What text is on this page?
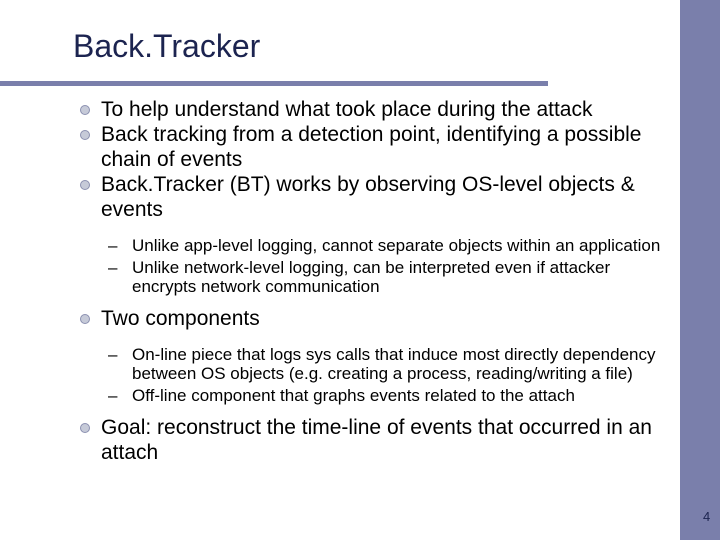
Back.Tracker
To help understand what took place during the attack
Back tracking from a detection point, identifying a possible chain of events
Back.Tracker (BT) works by observing OS-level objects & events
– Unlike app-level logging, cannot separate objects within an application
– Unlike network-level logging, can be interpreted even if attacker encrypts network communication
Two components
– On-line piece that logs sys calls that induce most directly dependency between OS objects (e.g. creating a process, reading/writing a file)
– Off-line component that graphs events related to the attach
Goal: reconstruct the time-line of events that occurred in an attach
4
